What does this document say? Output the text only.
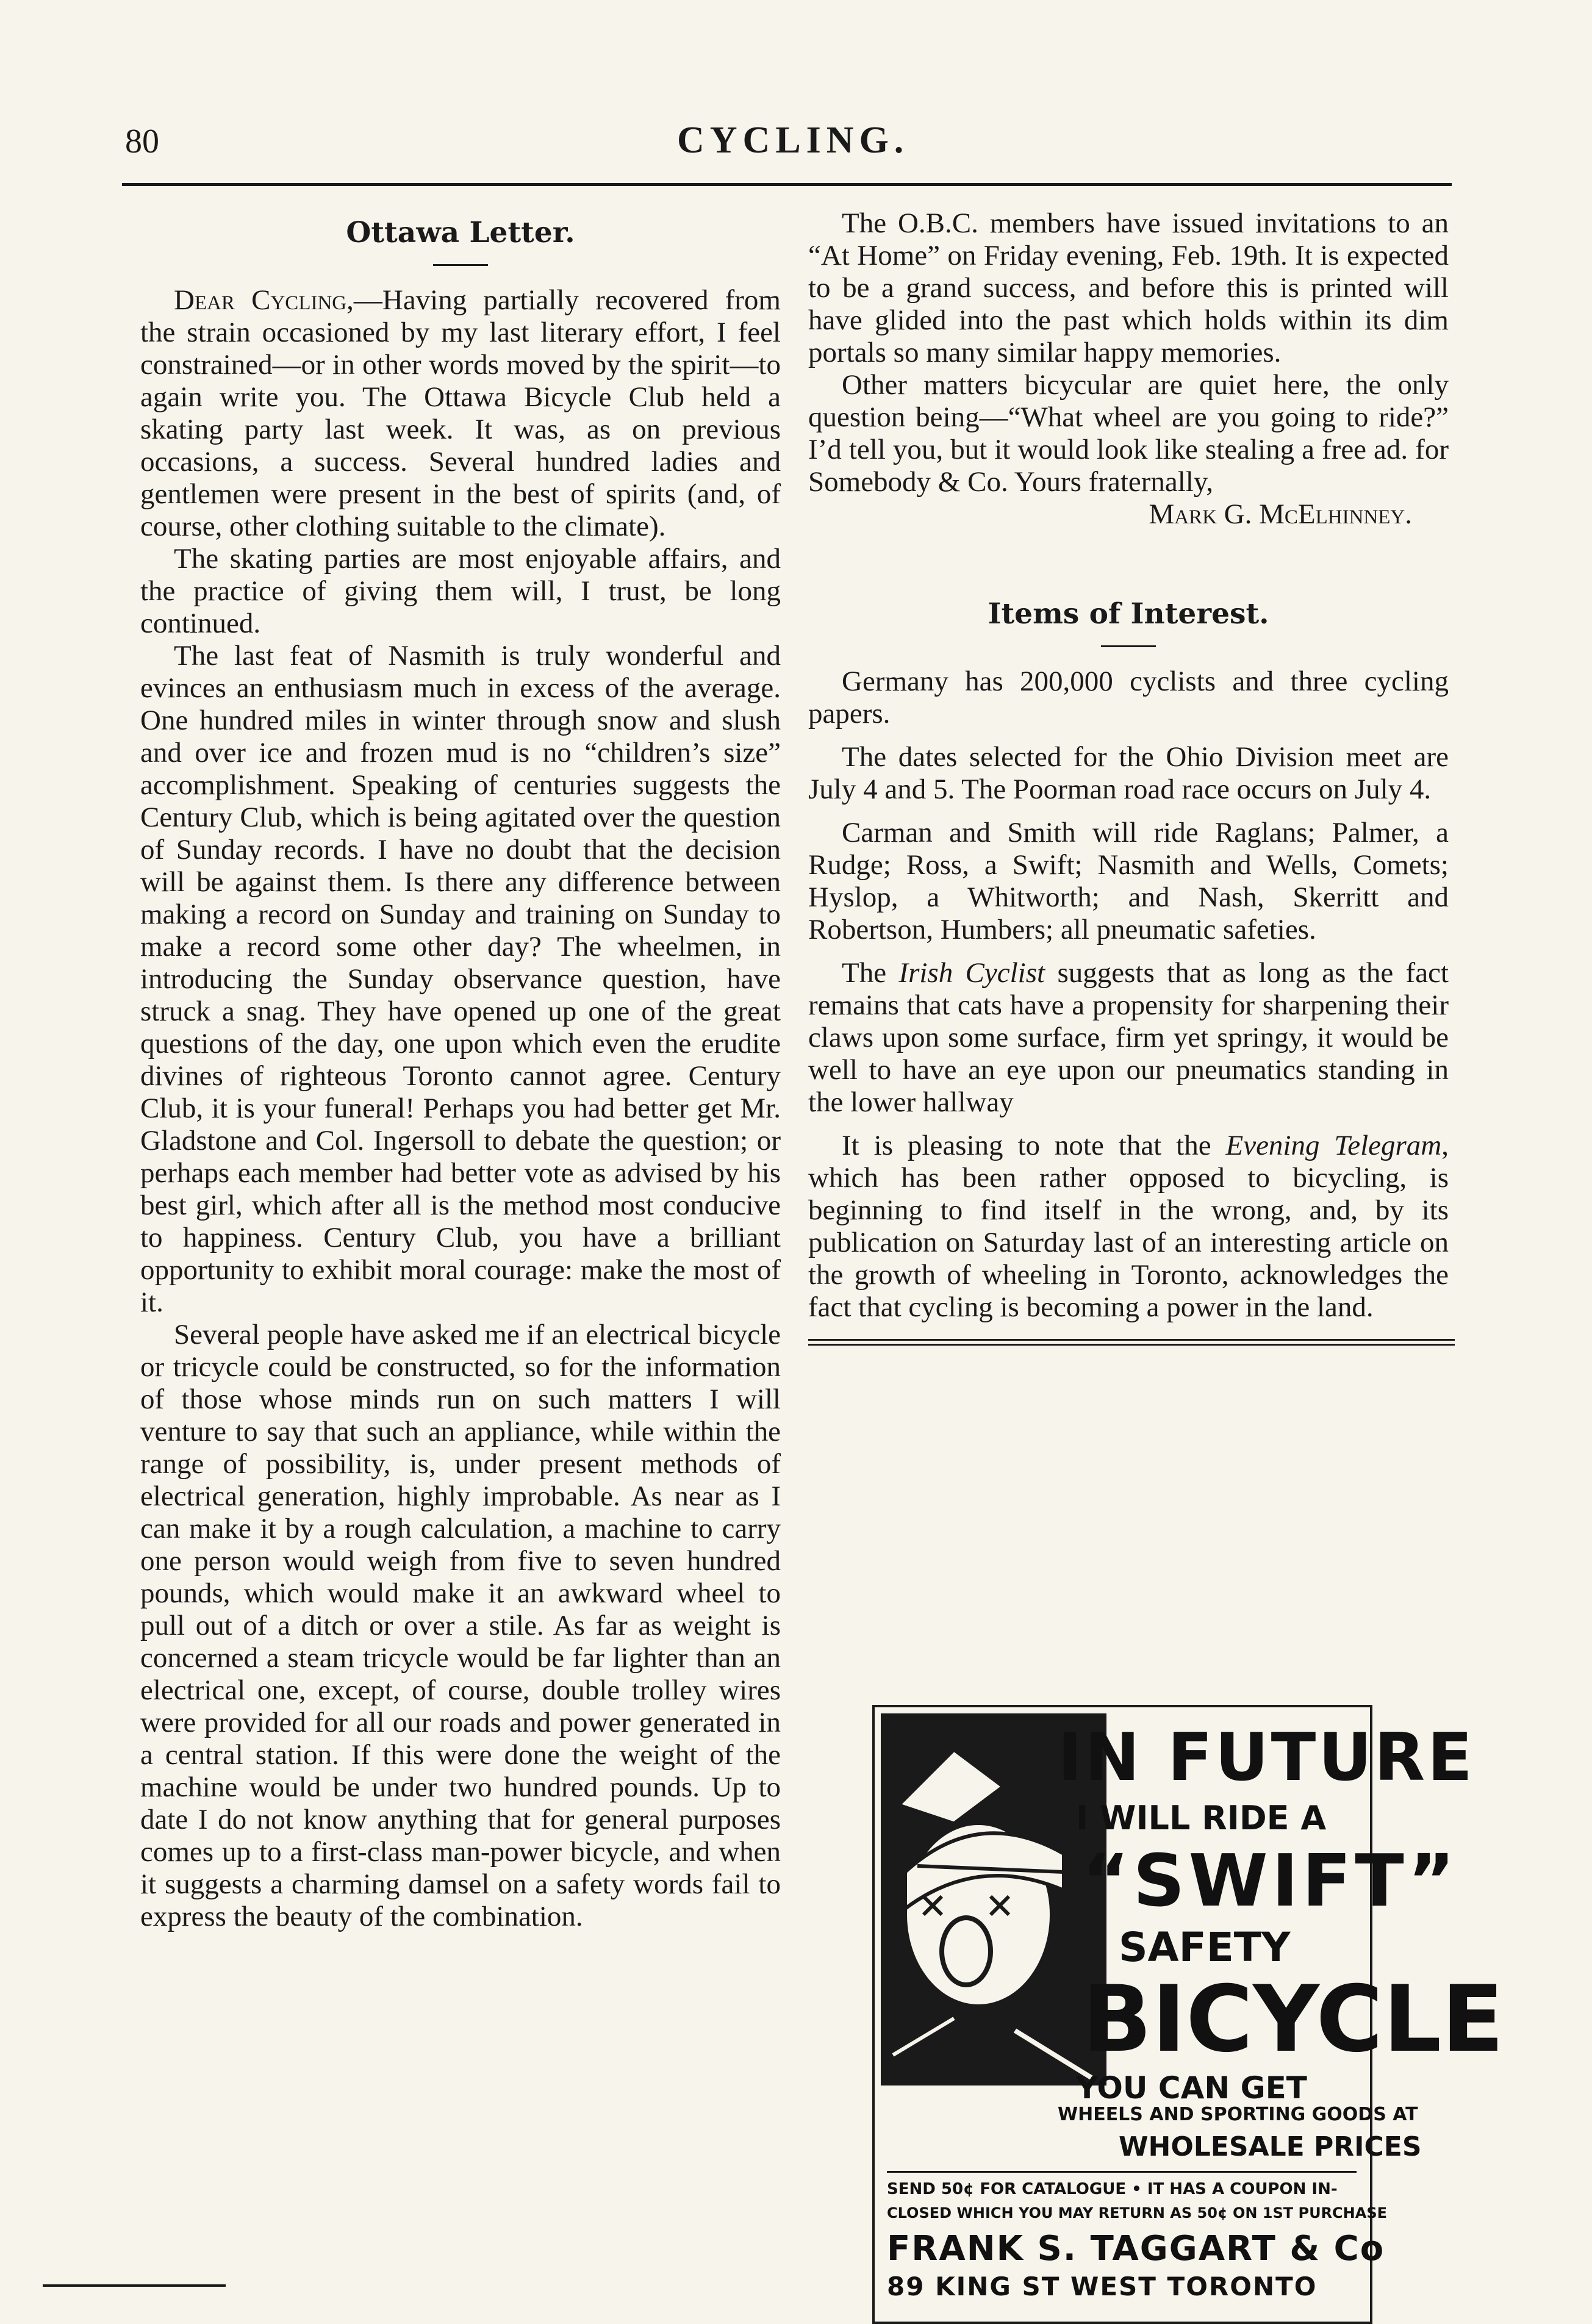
80	CYCLING.
Ottawa Letter.

Dear Cycling,—Having partially recovered from the strain occasioned by my last literary effort, I feel constrained—or in other words moved by the spirit—to again write you. The Ottawa Bicycle Club held a skating party last week. It was, as on previous occasions, a success. Several hundred ladies and gentlemen were present in the best of spirits (and, of course, other clothing suitable to the climate).

The skating parties are most enjoyable affairs, and the practice of giving them will, I trust, be long continued.

The last feat of Nasmith is truly wonderful and evinces an enthusiasm much in excess of the average. One hundred miles in winter through snow and slush and over ice and frozen mud is no “children’s size” accomplishment. Speaking of centuries suggests the Century Club, which is being agitated over the question of Sunday records. I have no doubt that the decision will be against them. Is there any difference between making a record on Sunday and training on Sunday to make a record some other day? The wheelmen, in introducing the Sunday observance question, have struck a snag. They have opened up one of the great questions of the day, one upon which even the erudite divines of righteous Toronto cannot agree. Century Club, it is your funeral! Perhaps you had better get Mr. Gladstone and Col. Ingersoll to debate the question; or perhaps each member had better vote as advised by his best girl, which after all is the method most conducive to happiness. Century Club, you have a brilliant opportunity to exhibit moral courage: make the most of it.

Several people have asked me if an electrical bicycle or tricycle could be constructed, so for the information of those whose minds run on such matters I will venture to say that such an appliance, while within the range of possibility, is, under present methods of electrical generation, highly improbable. As near as I can make it by a rough calculation, a machine to carry one person would weigh from five to seven hundred pounds, which would make it an awkward wheel to pull out of a ditch or over a stile. As far as weight is concerned a steam tricycle would be far lighter than an electrical one, except, of course, double trolley wires were provided for all our roads and power generated in a central station. If this were done the weight of the machine would be under two hundred pounds. Up to date I do not know anything that for general purposes comes up to a first-class man-power bicycle, and when it suggests a charming damsel on a safety words fail to express the beauty of the combination.

The O.B.C. members have issued invitations to an “At Home” on Friday evening, Feb. 19th. It is expected to be a grand success, and before this is printed will have glided into the past which holds within its dim portals so many similar happy memories.

Other matters bicycular are quiet here, the only question being—“What wheel are you going to ride?” I’d tell you, but it would look like stealing a free ad. for Somebody & Co. Yours fraternally,

Mark G. McElhinney.
Items of Interest.

Germany has 200,000 cyclists and three cycling papers.

The dates selected for the Ohio Division meet are July 4 and 5. The Poorman road race occurs on July 4.

Carman and Smith will ride Raglans; Palmer, a Rudge; Ross, a Swift; Nasmith and Wells, Comets; Hyslop, a Whitworth; and Nash, Skerritt and Robertson, Humbers; all pneumatic safeties.

The Irish Cyclist suggests that as long as the fact remains that cats have a propensity for sharpening their claws upon some surface, firm yet springy, it would be well to have an eye upon our pneumatics standing in the lower hallway

It is pleasing to note that the Evening Telegram, which has been rather opposed to bicycling, is beginning to find itself in the wrong, and, by its publication on Saturday last of an interesting article on the growth of wheeling in Toronto, acknowledges the fact that cycling is becoming a power in the land.

IN FUTURE
I WILL RIDE A
“SWIFT”
SAFETY
BICYCLE
YOU CAN GET
WHEELS AND SPORTING GOODS AT
WHOLESALE PRICES
SEND 50¢ FOR CATALOGUE • IT HAS A COUPON IN-
CLOSED WHICH YOU MAY RETURN AS 50¢ ON 1ST PURCHASE
FRANK S. TAGGART & Co
89 KING ST WEST TORONTO
